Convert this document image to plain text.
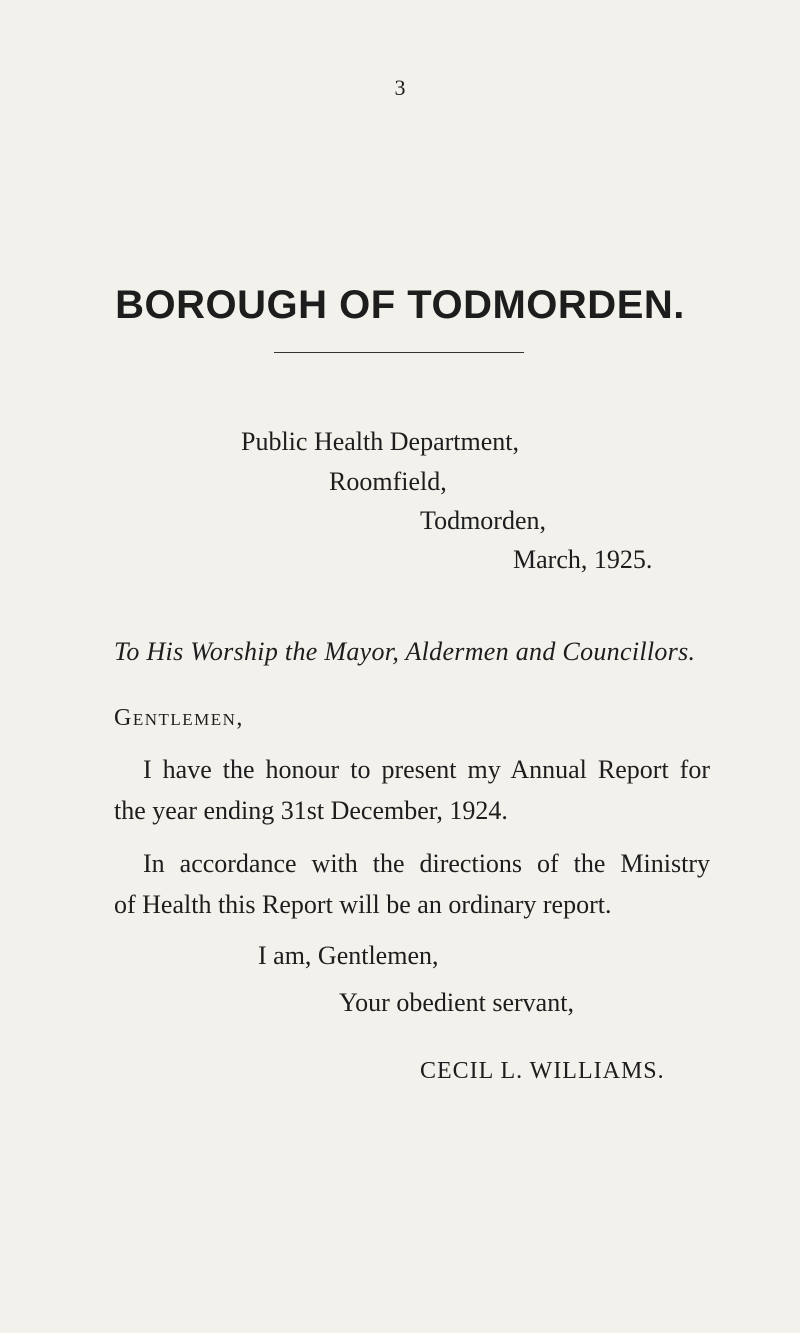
3
BOROUGH OF TODMORDEN.
Public Health Department,
Roomfield,
Todmorden,
March, 1925.
To His Worship the Mayor, Aldermen and Councillors.
Gentlemen,
I have the honour to present my Annual Report for
the year ending 31st December, 1924.
In accordance with the directions of the Ministry
of Health this Report will be an ordinary report.
I am, Gentlemen,
Your obedient servant,
CECIL L. WILLIAMS.
